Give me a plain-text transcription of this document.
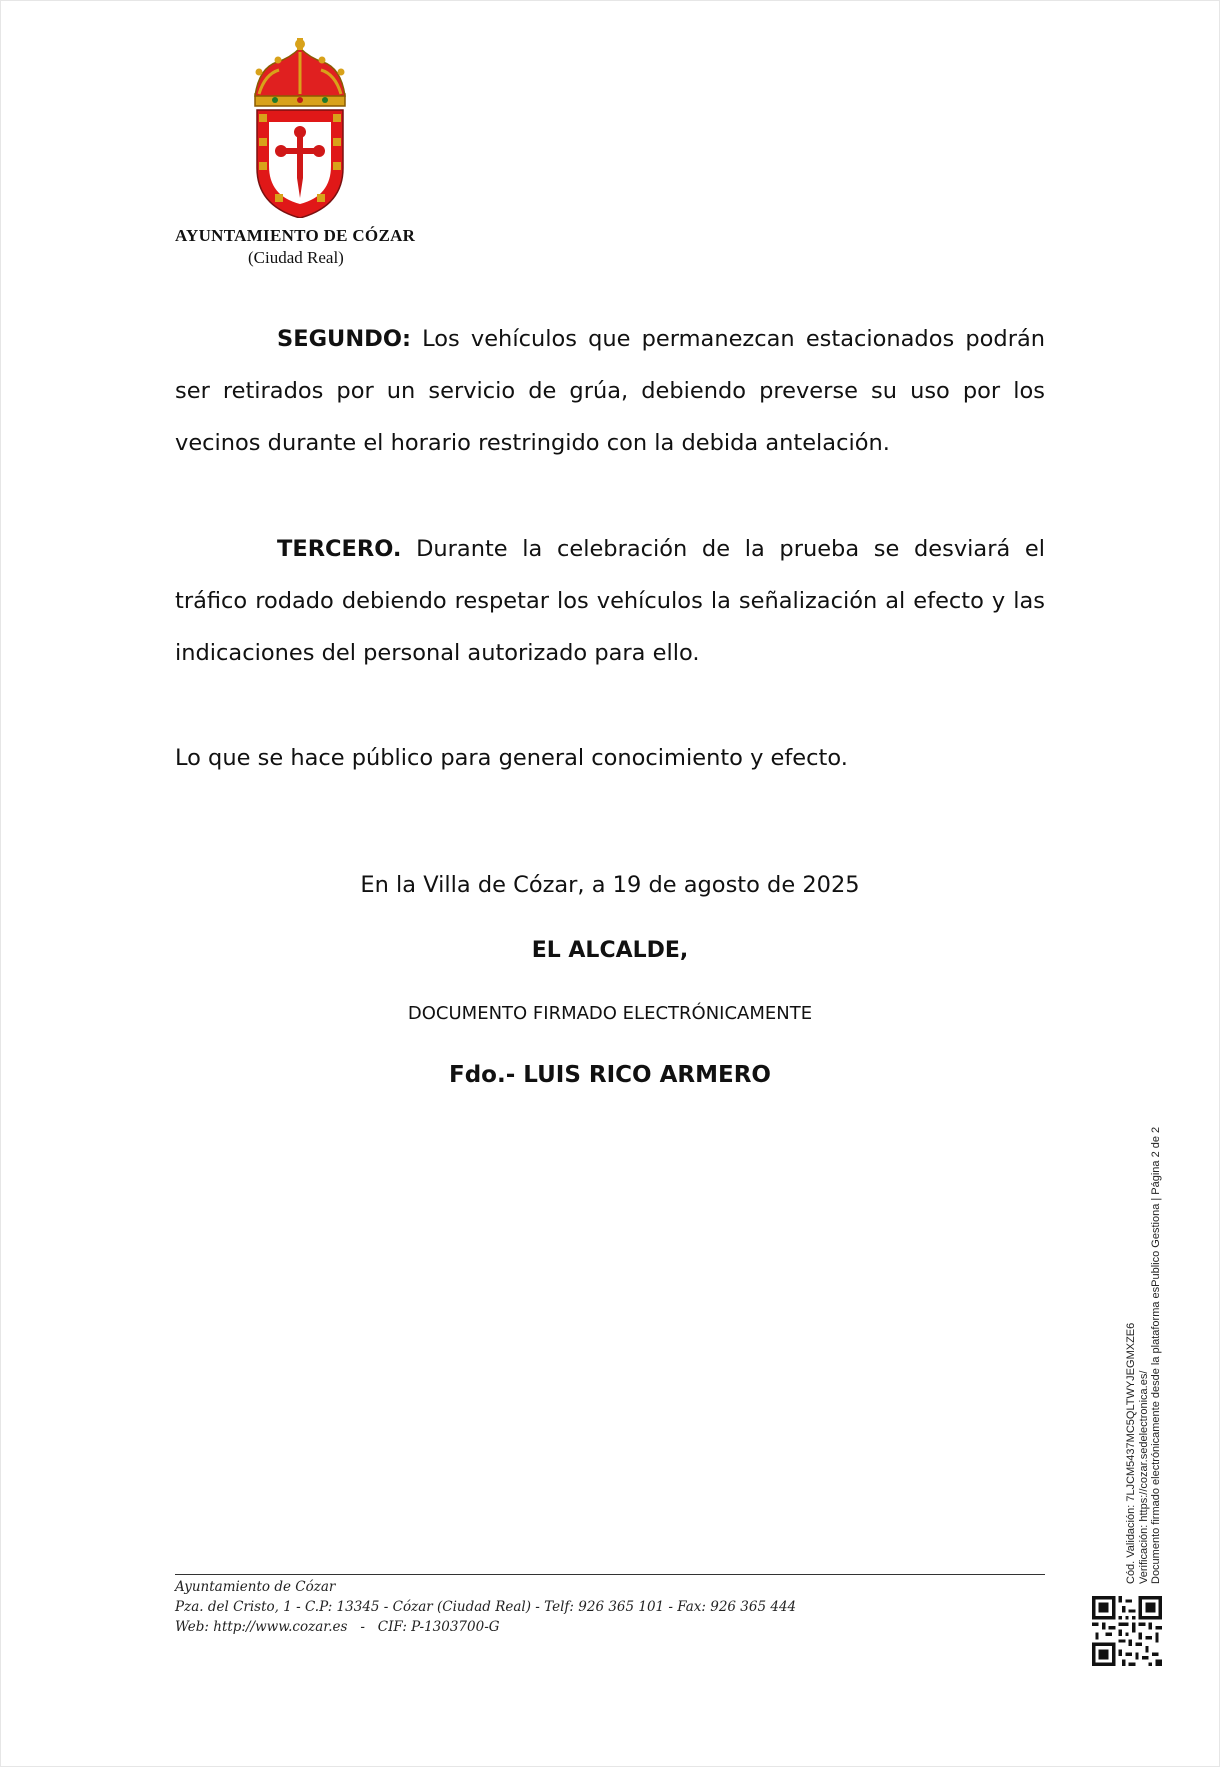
AYUNTAMIENTO DE CÓZAR
(Ciudad Real)
SEGUNDO: Los vehículos que permanezcan estacionados podrán ser retirados por un servicio de grúa, debiendo preverse su uso por los vecinos durante el horario restringido con la debida antelación.
TERCERO. Durante la celebración de la prueba se desviará el tráfico rodado debiendo respetar los vehículos la señalización al efecto y las indicaciones del personal autorizado para ello.
Lo que se hace público para general conocimiento y efecto.
En la Villa de Cózar, a 19 de agosto de 2025
EL ALCALDE,
DOCUMENTO FIRMADO ELECTRÓNICAMENTE
Fdo.- LUIS RICO ARMERO
Ayuntamiento de Cózar
Pza. del Cristo, 1 - C.P: 13345 - Cózar (Ciudad Real) - Telf: 926 365 101 - Fax: 926 365 444
Web: http://www.cozar.es   -   CIF: P-1303700-G
Cód. Validación: 7LJCM5437MC5QLTWYJEGMXZE6 Verificación: https://cozar.sedelectronica.es/ Documento firmado electrónicamente desde la plataforma esPublico Gestiona | Página 2 de 2
